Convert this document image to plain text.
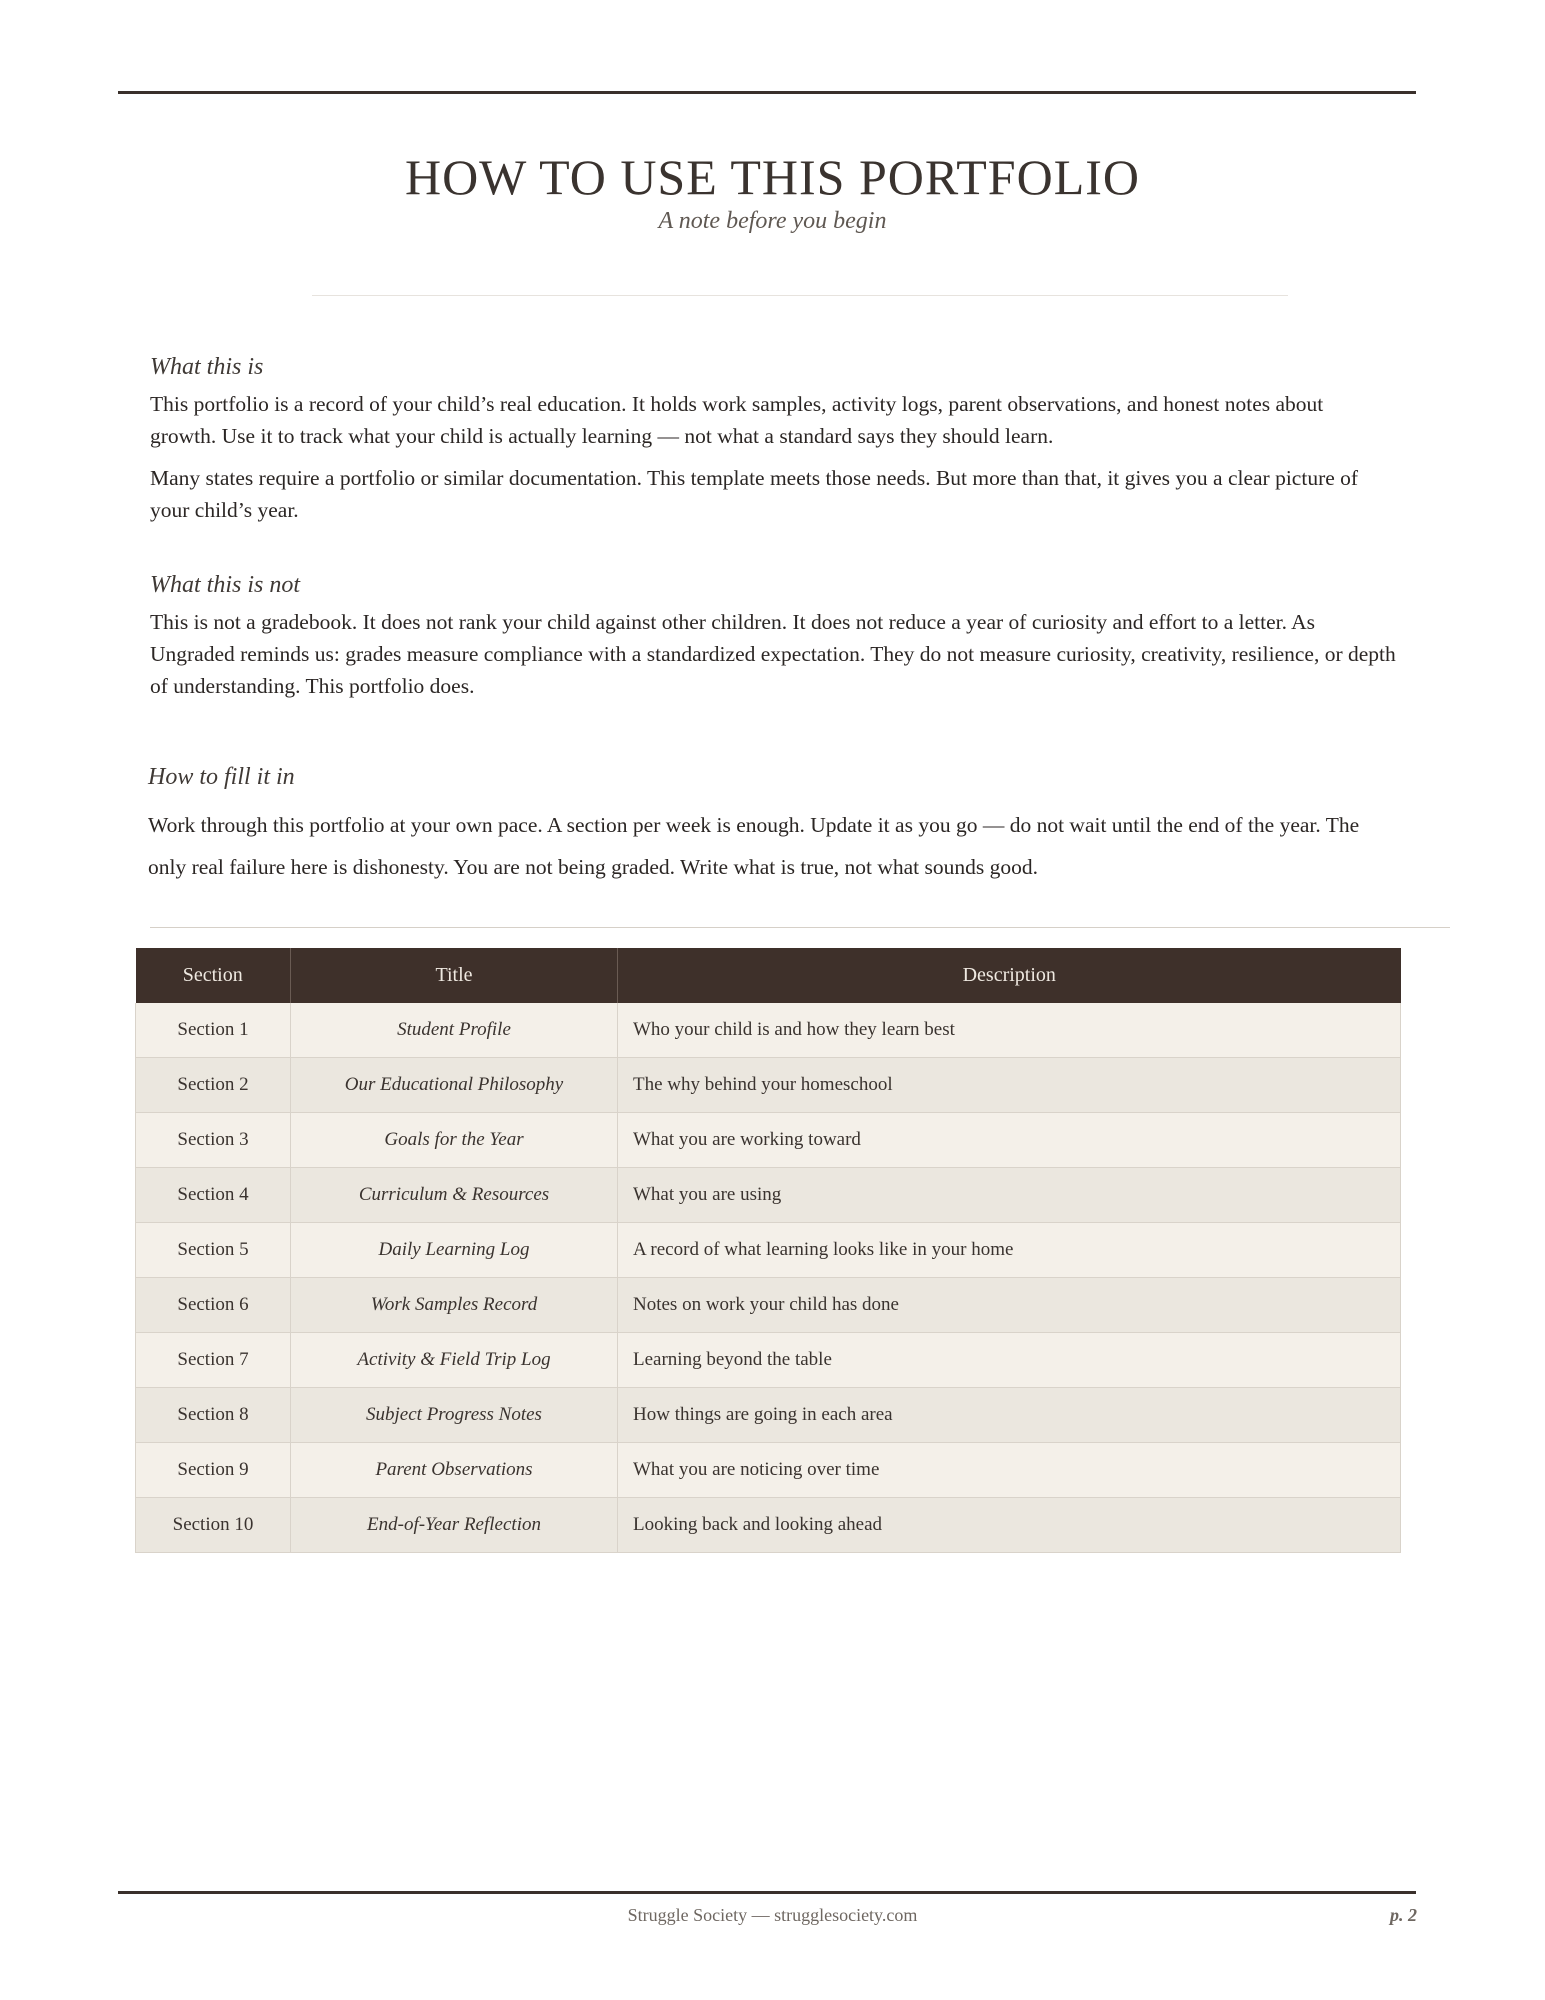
HOW TO USE THIS PORTFOLIO
A note before you begin
What this is

This portfolio is a record of your child’s real education. It holds work samples, activity logs, parent observations, and honest notes about growth. Use it to track what your child is actually learning — not what a standard says they should learn.

Many states require a portfolio or similar documentation. This template meets those needs. But more than that, it gives you a clear picture of your child’s year.

What this is not

This is not a gradebook. It does not rank your child against other children. It does not reduce a year of curiosity and effort to a letter. As Ungraded reminds us: grades measure compliance with a standardized expectation. They do not measure curiosity, creativity, resilience, or depth of understanding. This portfolio does.

How to fill it in

Work through this portfolio at your own pace. A section per week is enough. Update it as you go — do not wait until the end of the year. The only real failure here is dishonesty. You are not being graded. Write what is true, not what sounds good.

Section	Title	Description
Section 1	Student Profile	Who your child is and how they learn best
Section 2	Our Educational Philosophy	The why behind your homeschool
Section 3	Goals for the Year	What you are working toward
Section 4	Curriculum & Resources	What you are using
Section 5	Daily Learning Log	A record of what learning looks like in your home
Section 6	Work Samples Record	Notes on work your child has done
Section 7	Activity & Field Trip Log	Learning beyond the table
Section 8	Subject Progress Notes	How things are going in each area
Section 9	Parent Observations	What you are noticing over time
Section 10	End-of-Year Reflection	Looking back and looking ahead
Struggle Society — strugglesociety.com	p. 2
